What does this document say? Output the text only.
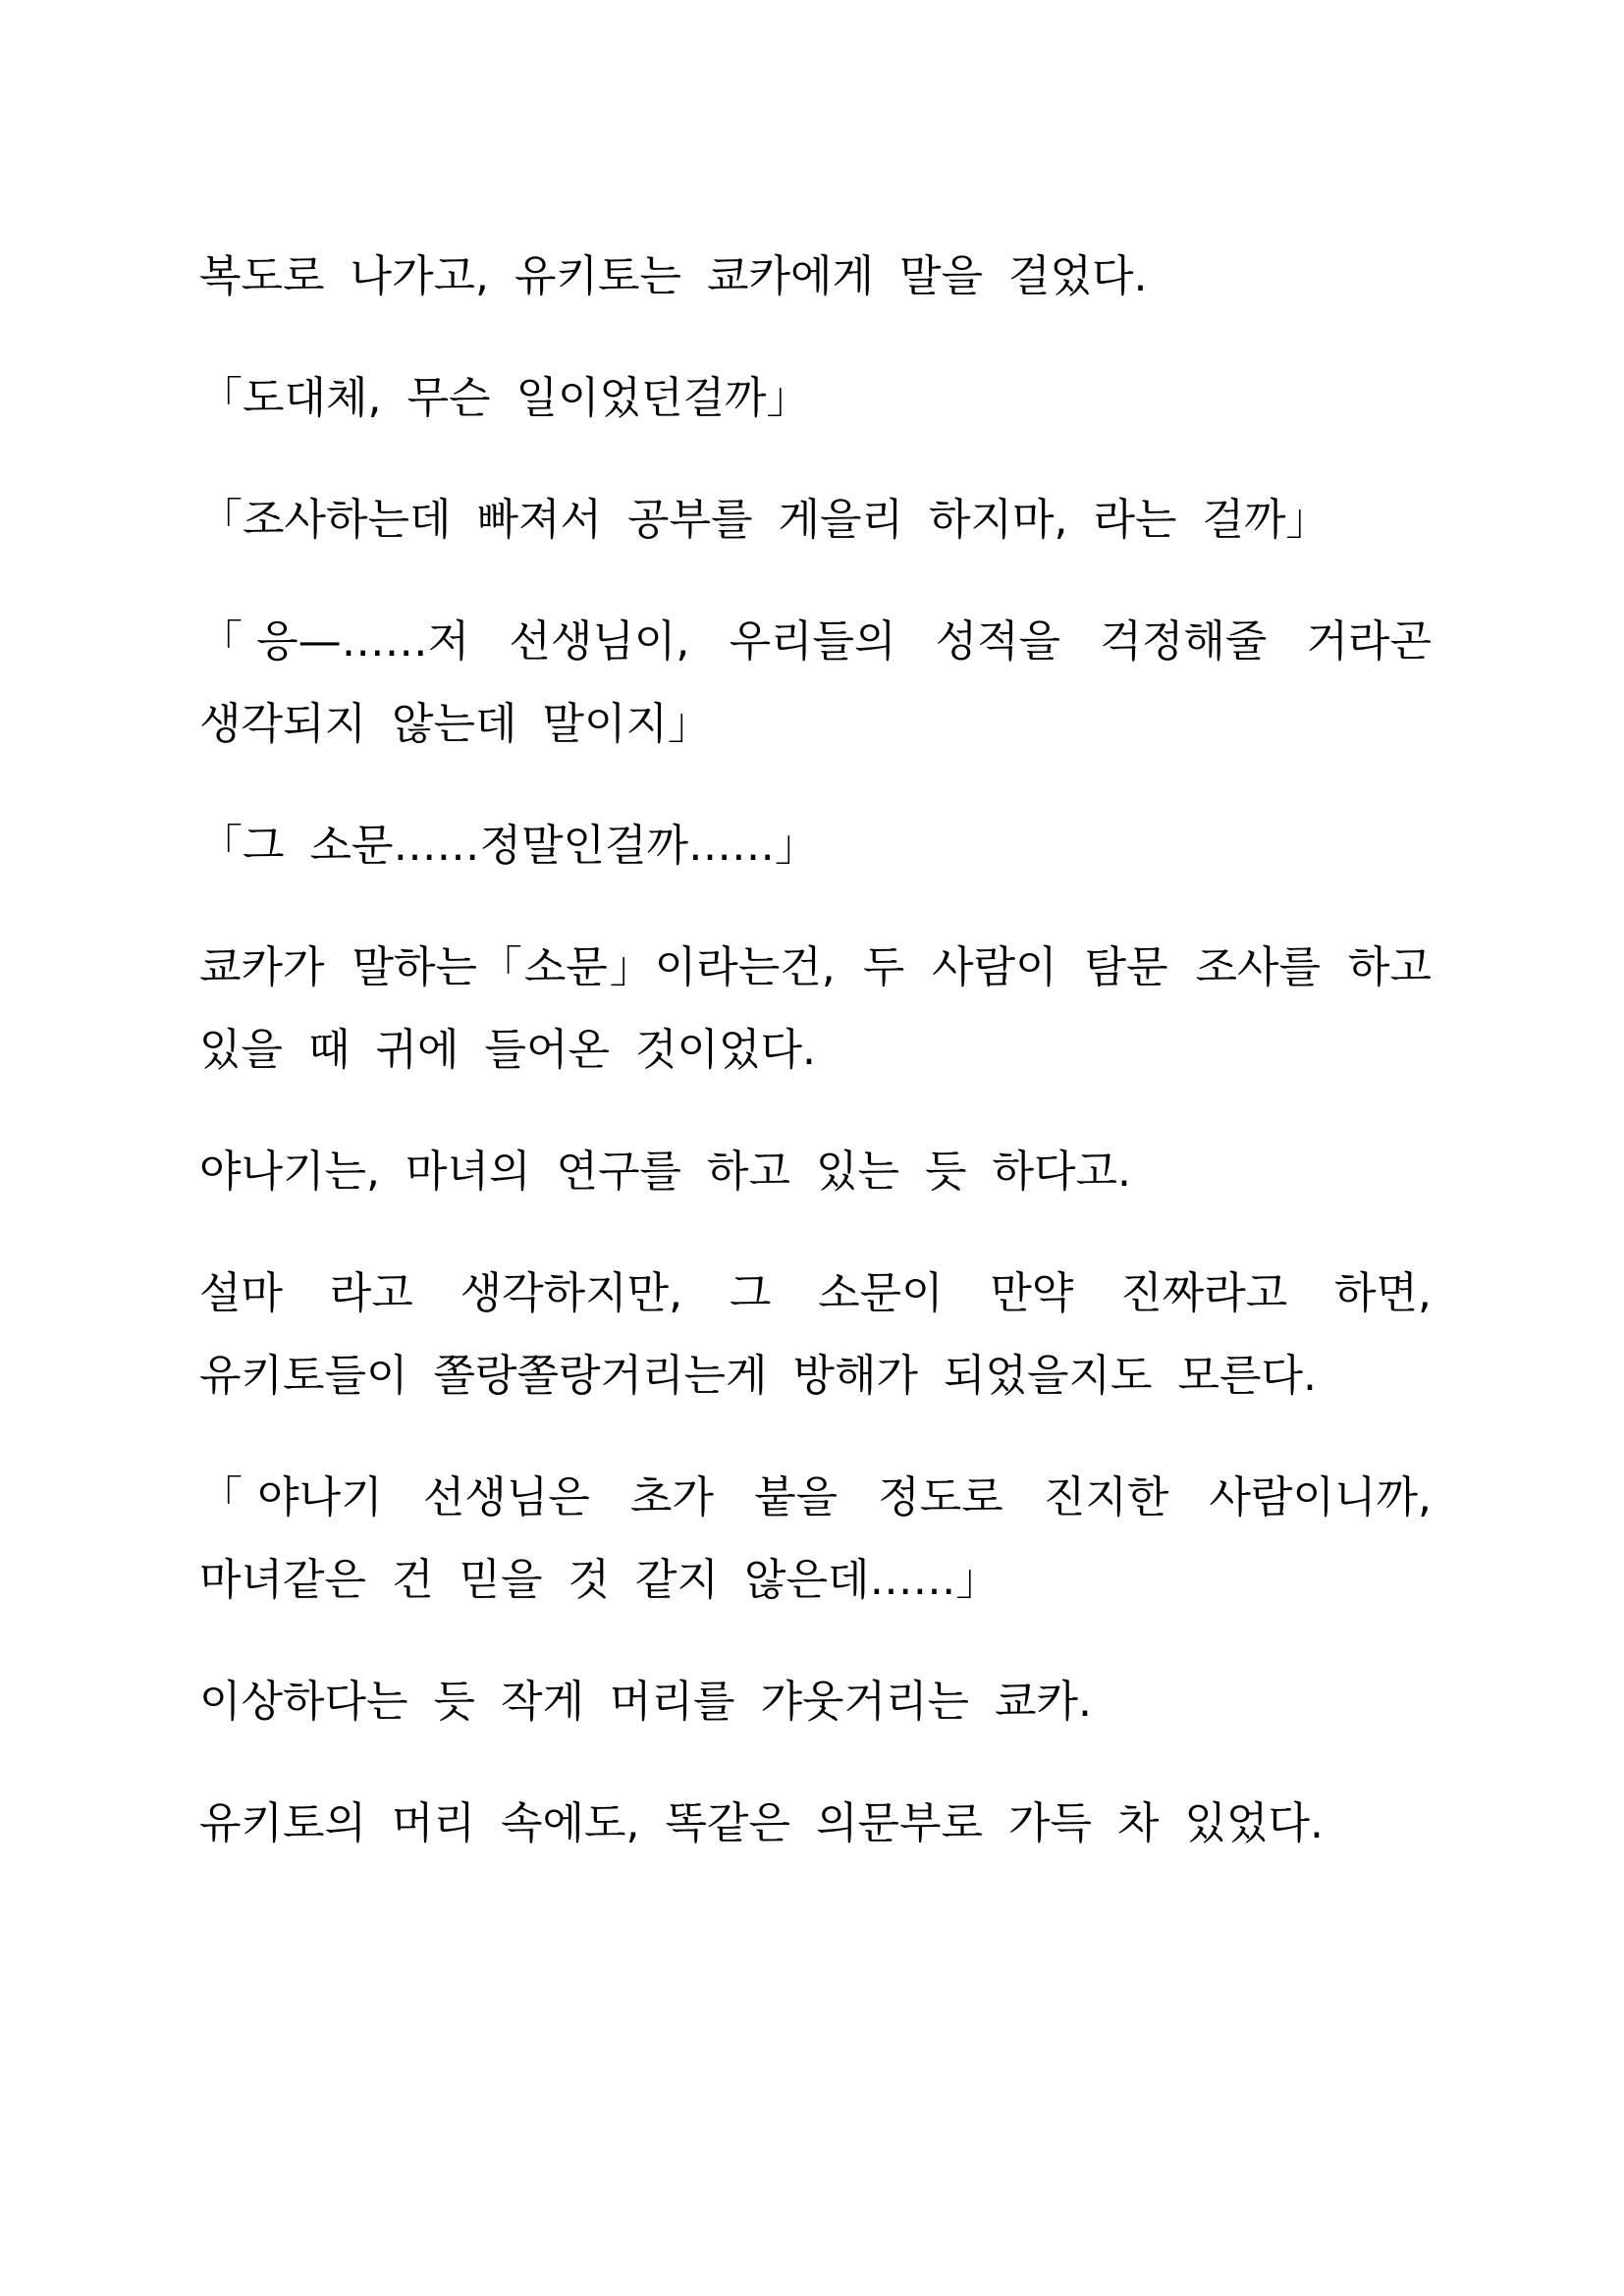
복도로 나가고, 유키토는 쿄카에게 말을 걸었다.

「도대체, 무슨 일이었던걸까」

「조사하는데 빠져서 공부를 게을리 하지마, 라는 걸까」

「응—……저 선생님이, 우리들의 성적을 걱정해줄 거라곤 생각되지 않는데 말이지」

「그 소문……정말인걸까……」

쿄카가 말하는「소문」이라는건, 두 사람이 탐문 조사를 하고 있을 때 귀에 들어온 것이었다.

야나기는, 마녀의 연구를 하고 있는 듯 하다고.

설마 라고 생각하지만, 그 소문이 만약 진짜라고 하면, 유키토들이 쫄랑쫄랑거리는게 방해가 되었을지도 모른다.

「야나기 선생님은 초가 붙을 정도로 진지한 사람이니까, 마녀같은 건 믿을 것 같지 않은데……」

이상하다는 듯 작게 머리를 갸웃거리는 쿄카.

유키토의 머리 속에도, 똑같은 의문부로 가득 차 있었다.
